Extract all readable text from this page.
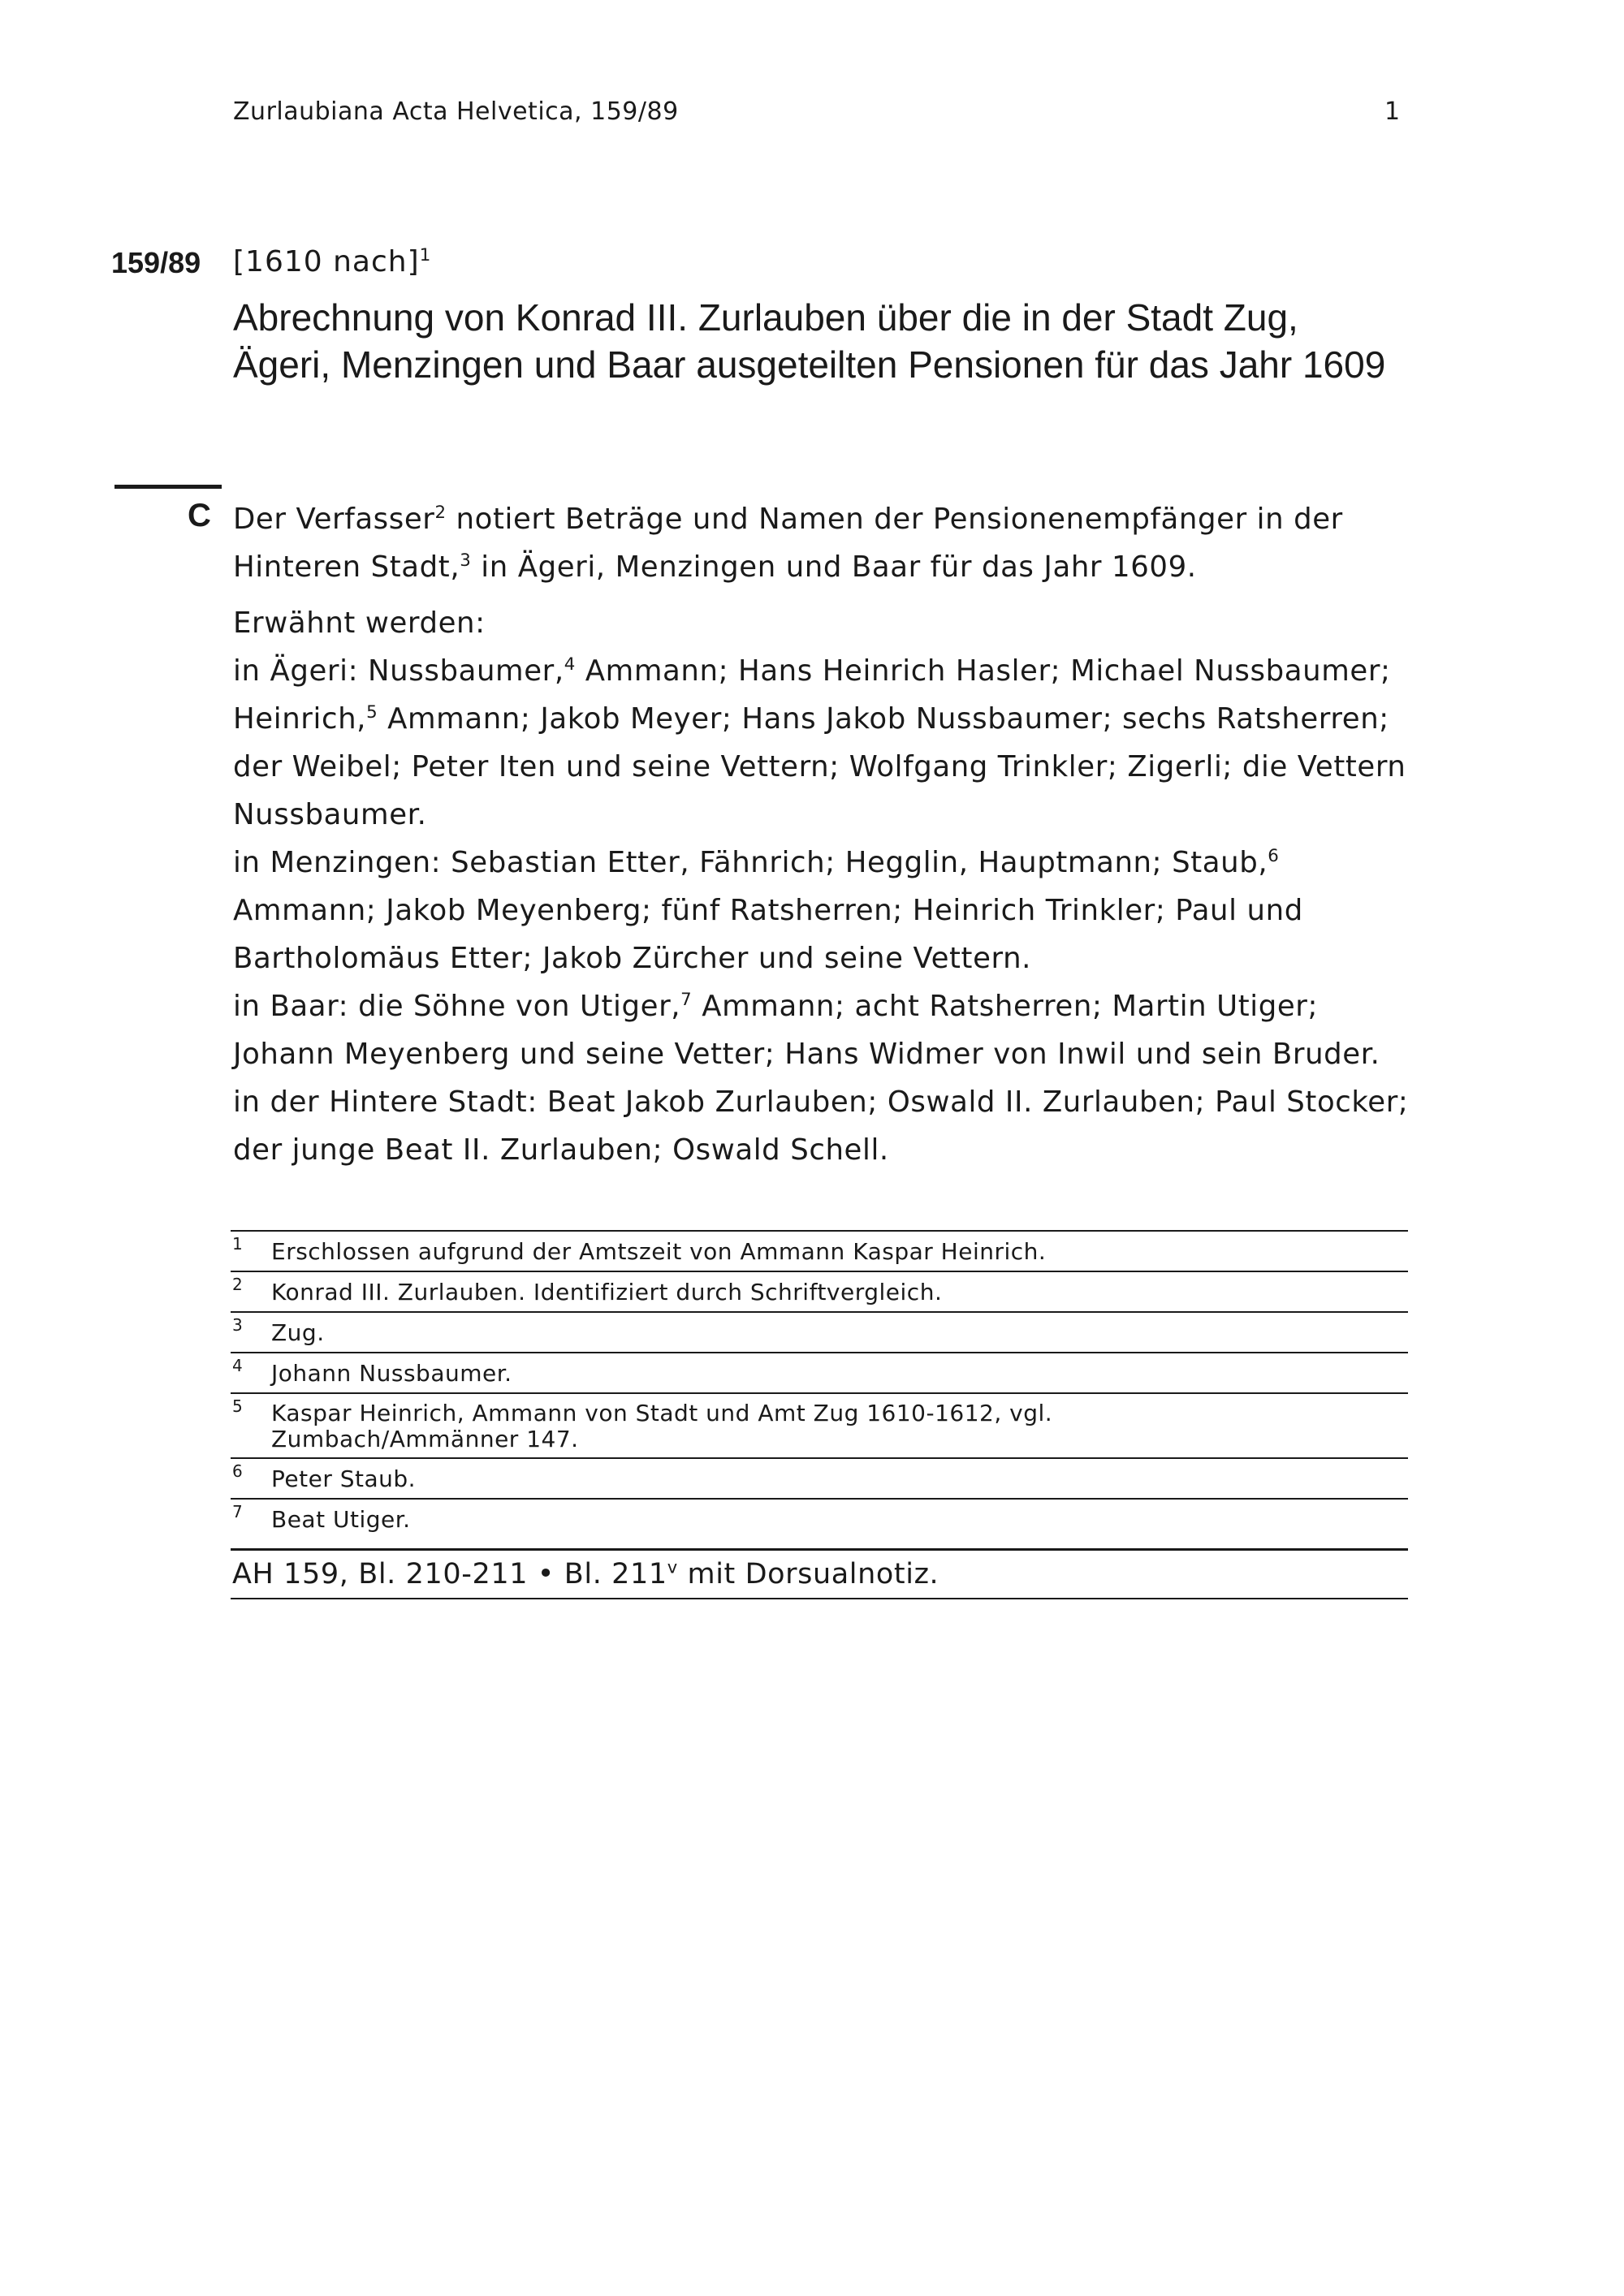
Zurlaubiana Acta Helvetica, 159/89	1
159/89 [1610 nach]$^1$
Abrechnung von Konrad III. Zurlauben über die in der Stadt Zug, Ägeri, Menzingen und Baar ausgeteilten Pensionen für das Jahr 1609
C Der Verfasser$^2$ notiert Beträge und Namen der Pensionenempfänger in der Hinteren Stadt,$^3$ in Ägeri, Menzingen und Baar für das Jahr 1609.

Erwähnt werden:

in Ägeri: Nussbaumer,$^4$ Ammann; Hans Heinrich Hasler; Michael Nussbaumer; Heinrich,$^5$ Ammann; Jakob Meyer; Hans Jakob Nussbaumer; sechs Ratsherren; der Weibel; Peter Iten und seine Vettern; Wolfgang Trinkler; Zigerli; die Vettern Nussbaumer.

in Menzingen: Sebastian Etter, Fähnrich; Hegglin, Hauptmann; Staub,$^6$ Ammann; Jakob Meyenberg; fünf Ratsherren; Heinrich Trinkler; Paul und Bartholomäus Etter; Jakob Zürcher und seine Vettern.

in Baar: die Söhne von Utiger,$^7$ Ammann; acht Ratsherren; Martin Utiger; Johann Meyenberg und seine Vetter; Hans Widmer von Inwil und sein Bruder.

in der Hintere Stadt: Beat Jakob Zurlauben; Oswald II. Zurlauben; Paul Stocker; der junge Beat II. Zurlauben; Oswald Schell.

1	Erschlossen aufgrund der Amtszeit von Ammann Kaspar Heinrich.
2	Konrad III. Zurlauben. Identifiziert durch Schriftvergleich.
3	Zug.
4	Johann Nussbaumer.
5	Kaspar Heinrich, Ammann von Stadt und Amt Zug 1610-1612, vgl. Zumbach/Ammänner 147.
6	Peter Staub.
7	Beat Utiger.
AH 159, Bl. 210-211 • Bl. 211$^v$ mit Dorsualnotiz.
